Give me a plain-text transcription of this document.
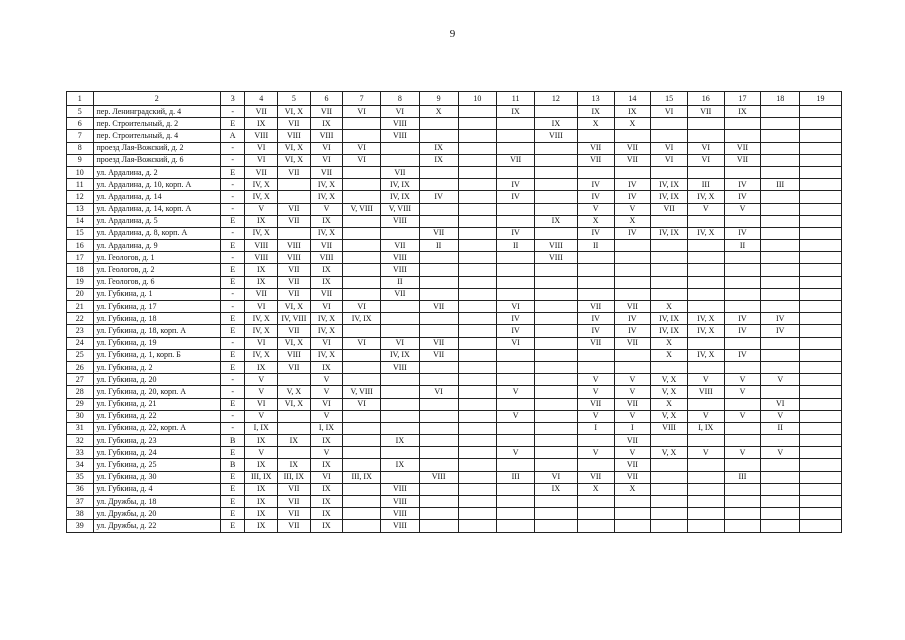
9
1	2	3	4	5	6	7	8	9	10	11	12	13	14	15	16	17	18	19
5	пер. Ленинградский, д. 4	-	VII	VI, X	VII	VI	VI	X		IX		IX	IX	VI	VII	IX		
6	пер. Строительный, д. 2	Е	IX	VII	IX		VIII				IX	X	X					
7	пер. Строительный, д. 4	А	VIII	VIII	VIII		VIII				VIII							
8	проезд Лая-Вожский, д. 2	-	VI	VI, X	VI	VI		IX				VII	VII	VI	VI	VII		
9	проезд Лая-Вожский, д. 6	-	VI	VI, X	VI	VI		IX		VII		VII	VII	VI	VI	VII		
10	ул. Ардалина, д. 2	Е	VII	VII	VII		VII											
11	ул. Ардалина, д. 10, корп. А	-	IV, X		IV, X		IV, IX			IV		IV	IV	IV, IX	III	IV	III	
12	ул. Ардалина, д. 14	-	IV, X		IV, X		IV, IX	IV		IV		IV	IV	IV, IX	IV, X	IV		
13	ул. Ардалина, д. 14, корп. А	-	V	VII	V	V, VIII	V, VIII					V	V	VII	V	V		
14	ул. Ардалина, д. 5	Е	IX	VII	IX		VIII				IX	X	X					
15	ул. Ардалина, д. 8, корп. А	-	IV, X		IV, X			VII		IV		IV	IV	IV, IX	IV, X	IV		
16	ул. Ардалина, д. 9	Е	VIII	VIII	VII		VII	II		II	VIII	II				II		
17	ул. Геологов, д. 1	-	VIII	VIII	VIII		VIII				VIII							
18	ул. Геологов, д. 2	Е	IX	VII	IX		VIII											
19	ул. Геологов, д. 6	Е	IX	VII	IX		II											
20	ул. Губкина, д. 1	-	VII	VII	VII		VII											
21	ул. Губкина, д. 17	-	VI	VI, X	VI	VI		VII		VI		VII	VII	X				
22	ул. Губкина, д. 18	Е	IV, X	IV, VIII	IV, X	IV, IX				IV		IV	IV	IV, IX	IV, X	IV	IV	
23	ул. Губкина, д. 18, корп. А	Е	IV, X	VII	IV, X					IV		IV	IV	IV, IX	IV, X	IV	IV	
24	ул. Губкина, д. 19	-	VI	VI, X	VI	VI	VI	VII		VI		VII	VII	X				
25	ул. Губкина, д. 1, корп. Б	Е	IV, X	VIII	IV, X		IV, IX	VII						X	IV, X	IV		
26	ул. Губкина, д. 2	Е	IX	VII	IX		VIII											
27	ул. Губкина, д. 20	-	V		V							V	V	V, X	V	V	V	
28	ул. Губкина, д. 20, корп. А	-	V	V, X	V	V, VIII		VI		V		V	V	V, X	VIII	V		
29	ул. Губкина, д. 21	Е	VI	VI, X	VI	VI						VII	VII	X			VI	
30	ул. Губкина, д. 22	-	V		V					V		V	V	V, X	V	V	V	
31	ул. Губкина, д. 22, корп. А	-	I, IX		I, IX							I	I	VIII	I, IX		II	
32	ул. Губкина, д. 23	В	IX	IX	IX		IX						VII					
33	ул. Губкина, д. 24	Е	V		V					V		V	V	V, X	V	V	V	
34	ул. Губкина, д. 25	В	IX	IX	IX		IX						VII					
35	ул. Губкина, д. 30	Е	III, IX	III, IX	VI	III, IX		VIII		III	VI	VII	VII			III		
36	ул. Губкина, д. 4	Е	IX	VII	IX		VIII				IX	X	X					
37	ул. Дружбы, д. 18	Е	IX	VII	IX		VIII											
38	ул. Дружбы, д. 20	Е	IX	VII	IX		VIII											
39	ул. Дружбы, д. 22	Е	IX	VII	IX		VIII											
